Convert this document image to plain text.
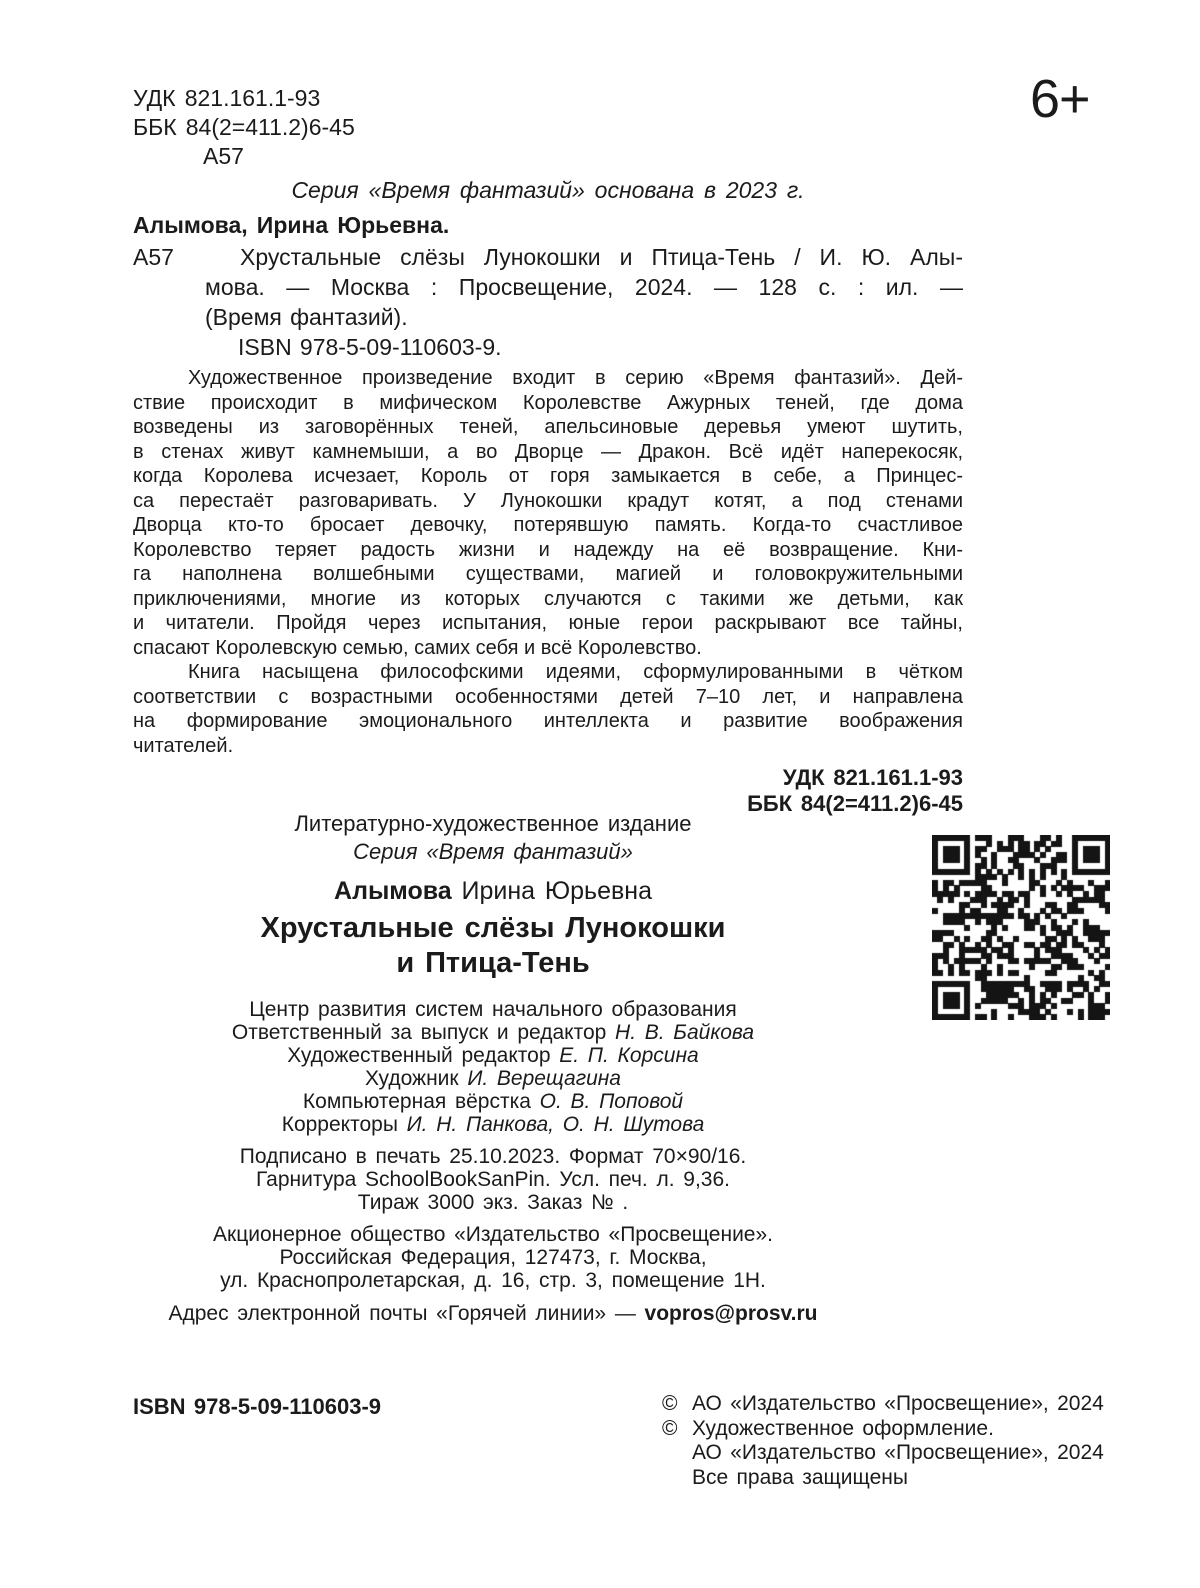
6+
УДК 821.161.1-93
ББК 84(2=411.2)6-45
А57
Серия «Время фантазий» основана в 2023 г.
Алымова, Ирина Юрьевна.
А57	Хрустальные слёзы Лунокошки и Птица-Тень / И. Ю. Алы-
мова. — Москва : Просвещение, 2024. — 128 с. : ил. —
(Время фантазий).
ISBN 978-5-09-110603-9.
Художественное произведение входит в серию «Время фантазий». Дей-
ствие происходит в мифическом Королевстве Ажурных теней, где дома
возведены из заговорённых теней, апельсиновые деревья умеют шутить,
в стенах живут камнемыши, а во Дворце — Дракон. Всё идёт наперекосяк,
когда Королева исчезает, Король от горя замыкается в себе, а Принцес-
са перестаёт разговаривать. У Лунокошки крадут котят, а под стенами
Дворца кто-то бросает девочку, потерявшую память. Когда-то счастливое
Королевство теряет радость жизни и надежду на её возвращение. Кни-
га наполнена волшебными существами, магией и головокружительными
приключениями, многие из которых случаются с такими же детьми, как
и читатели. Пройдя через испытания, юные герои раскрывают все тайны,
спасают Королевскую семью, самих себя и всё Королевство.
Книга насыщена философскими идеями, сформулированными в чётком
соответствии с возрастными особенностями детей 7–10 лет, и направлена
на формирование эмоционального интеллекта и развитие воображения
читателей.
УДК 821.161.1-93
ББК 84(2=411.2)6-45
Литературно-художественное издание
Серия «Время фантазий»
Алымова Ирина Юрьевна
Хрустальные слёзы Лунокошки
и Птица-Тень
Центр развития систем начального образования
Ответственный за выпуск и редактор Н. В. Байкова
Художественный редактор Е. П. Корсина
Художник И. Верещагина
Компьютерная вёрстка О. В. Поповой
Корректоры И. Н. Панкова, О. Н. Шутова
Подписано в печать 25.10.2023. Формат 70×90/16.
Гарнитура SchoolBookSanPin. Усл. печ. л. 9,36.
Тираж 3000 экз. Заказ № .
Акционерное общество «Издательство «Просвещение».
Российская Федерация, 127473, г. Москва,
ул. Краснопролетарская, д. 16, стр. 3, помещение 1Н.
Адрес электронной почты «Горячей линии» — vopros@prosv.ru
ISBN 978-5-09-110603-9	© АО «Издательство «Просвещение», 2024
© Художественное оформление.
АО «Издательство «Просвещение», 2024
Все права защищены
